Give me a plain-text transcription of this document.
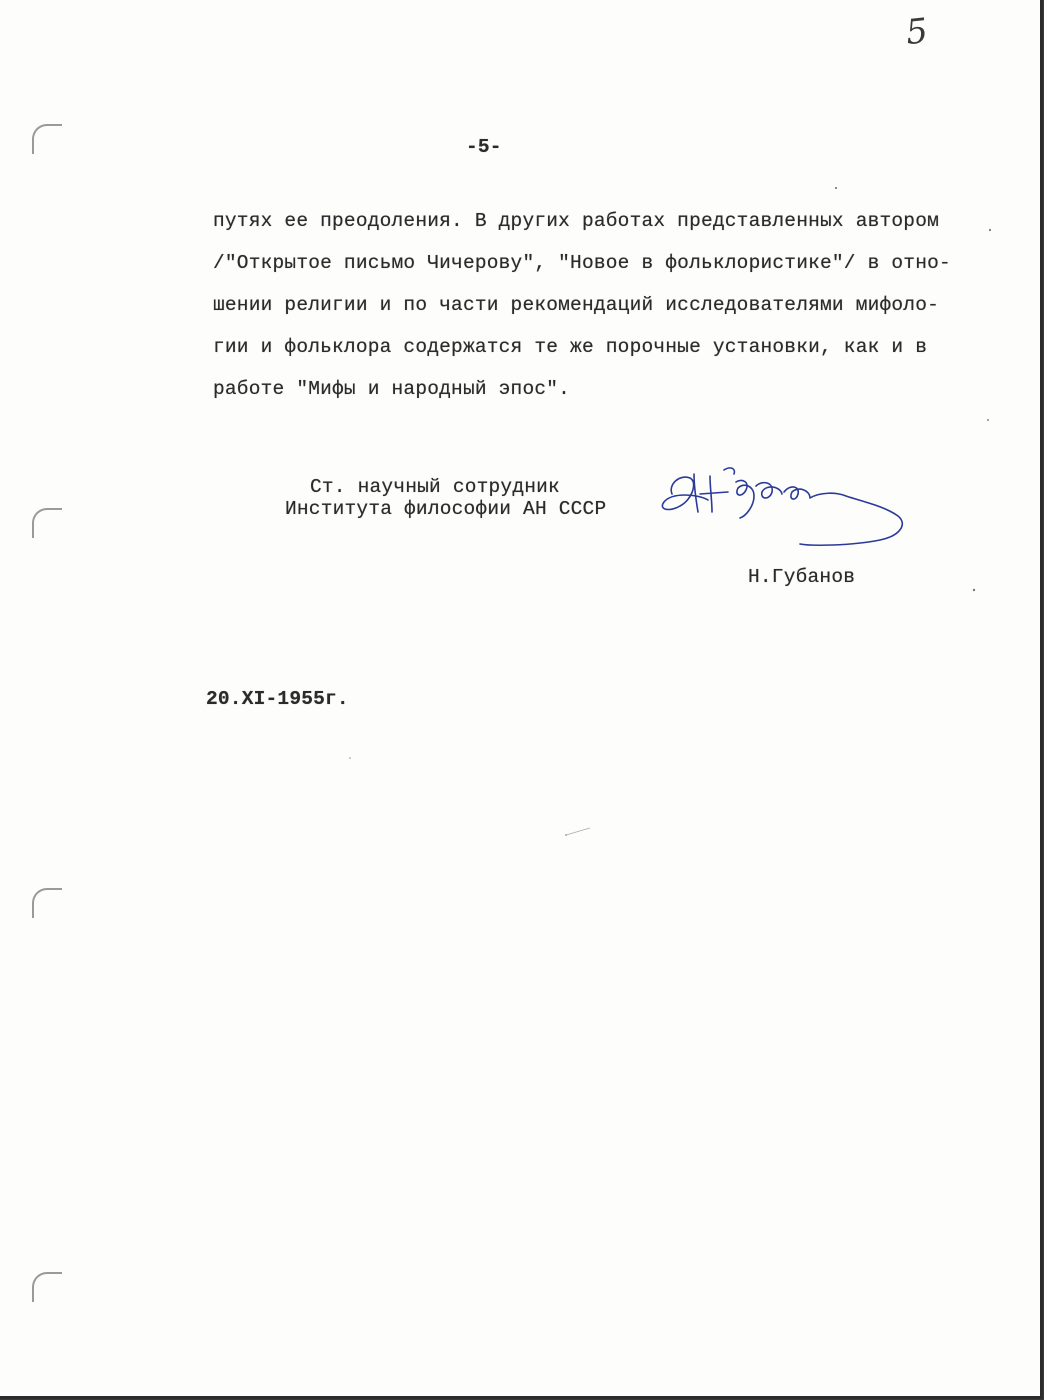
5
-5-
путях ее преодоления. В других работах представленных автором
/"Открытое письмо Чичерову", "Новое в фольклористике"/ в отно-
шении религии и по части рекомендаций исследователями мифоло-
гии и фольклора содержатся те же порочные установки, как и в
работе "Мифы и народный эпос".
Ст. научный сотрудник
Института философии АН СССР
Н.Губанов
20.XI-1955г.
